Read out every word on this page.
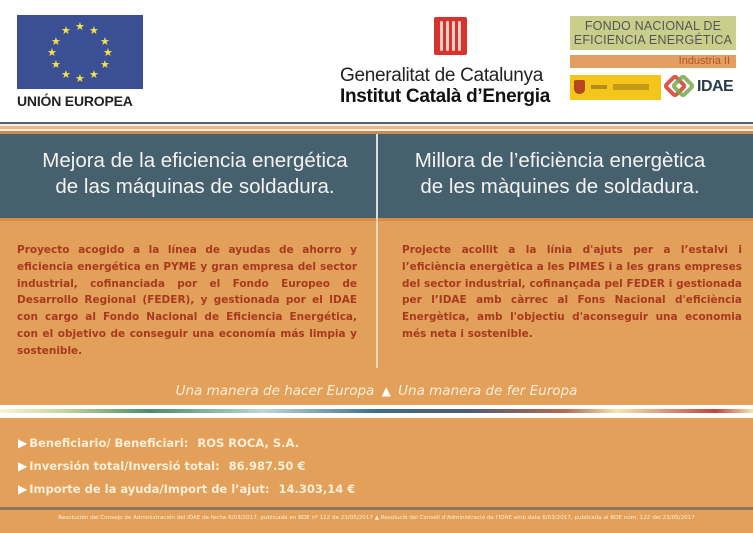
★ ★
★
★
★
★
★
★
★
★
★
★
UNIÓN EUROPEA
Generalitat de Catalunya
Institut Català d’Energia
FONDO NACIONAL DE
EFICIENCIA ENERGÉTICA
Industria II
IDAE
Mejora de la eficiencia energética
de las máquinas de soldadura.
Millora de l’eficiència energètica
de les màquines de soldadura.
Proyecto acogido a la línea de ayudas de ahorro y eficiencia energética en PYME y gran empresa del sector industrial, cofinanciada por el Fondo Europeo de Desarrollo Regional (FEDER), y gestionada por el IDAE con cargo al Fondo Nacional de Eficiencia Energética, con el objetivo de conseguir una economía más limpia y sostenible.
Projecte acollit a la línia d'ajuts per a l’estalvi i l’eficiència energètica a les PIMES i a les grans empreses del sector industrial, cofinançada pel FEDER i gestionada per l’IDAE amb càrrec al Fons Nacional d'eficiència Energètica, amb l'objectiu d'aconseguir una economia més neta i sostenible.
Una manera de hacer Europa ▲ Una manera de fer Europa
▶ Beneficiario/ Beneficiari: ROS ROCA, S.A.
▶ Inversión total/Inversió total: 86.987.50 €
▶ Importe de la ayuda/Import de l’ajut: 14.303,14 €
Resolución del Consejo de Administración del IDAE de fecha 6/03/2017, publicada en BOE nº 122 de 23/05/2017 ▲ Resolució del Consell d'Administració de l'IDAE amb data 6/03/2017, publicada al BOE núm. 122 del 23/05/2017
